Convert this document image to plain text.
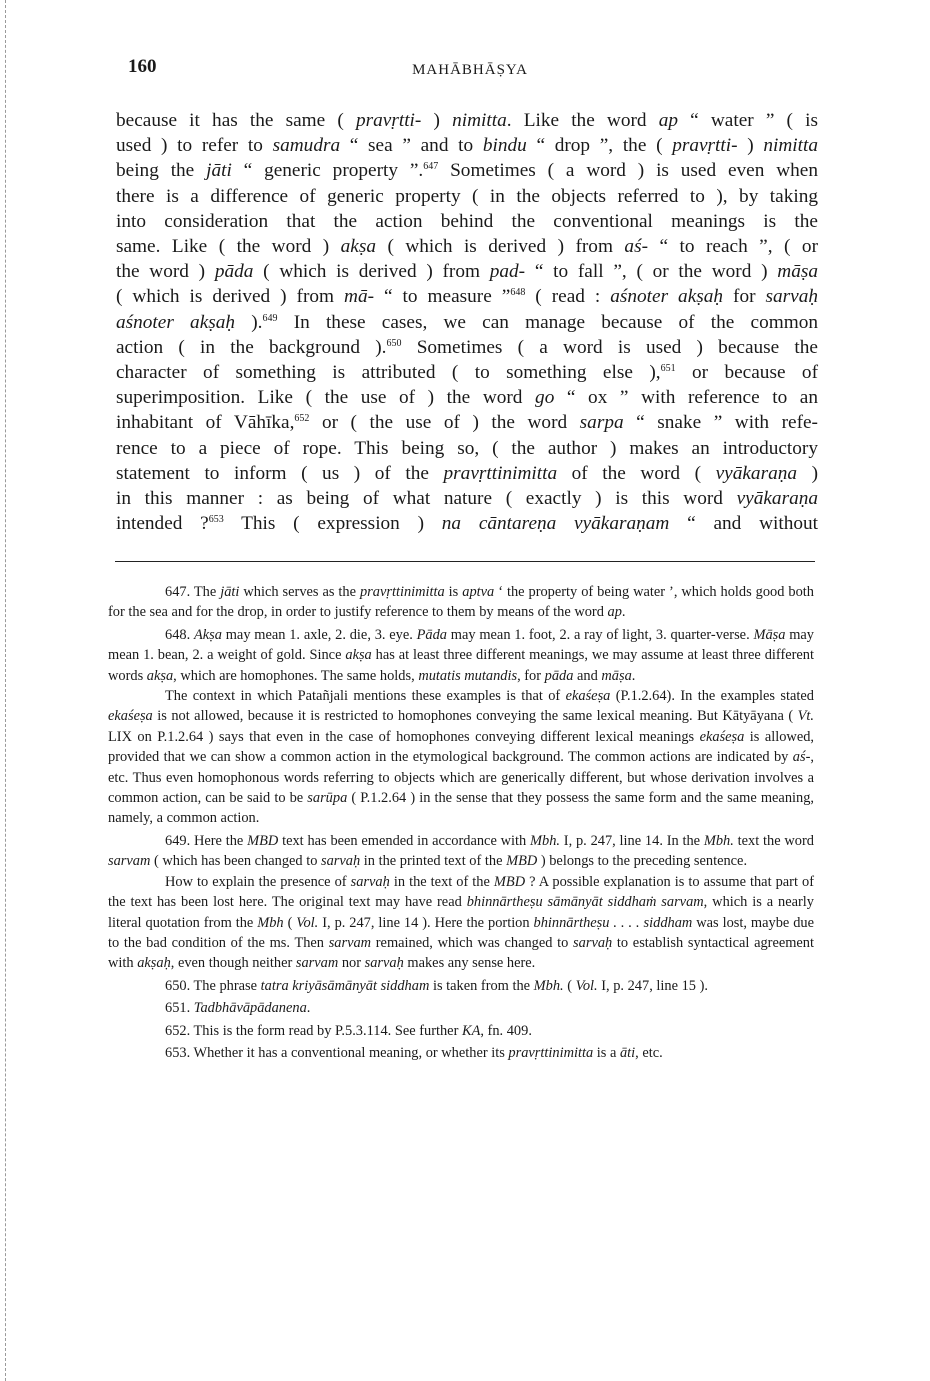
160	MAHĀBHĀṢYA
because it has the same ( pravṛtti- ) nimitta. Like the word ap “ water ” ( is
used ) to refer to samudra “ sea ” and to bindu “ drop ”, the ( pravṛtti- ) nimitta
being the jāti “ generic property ”.$^{647}$ Sometimes ( a word ) is used even when
there is a difference of generic property ( in the objects referred to ), by taking
into consideration that the action behind the conventional meanings is the
same. Like ( the word ) akṣa ( which is derived ) from aś- “ to reach ”, ( or
the word ) pāda ( which is derived ) from pad- “ to fall ”, ( or the word ) māṣa
( which is derived ) from mā- “ to measure ”$^{648}$ ( read : aśnoter akṣaḥ for sarvaḥ
aśnoter akṣaḥ ).$^{649}$ In these cases, we can manage because of the common
action ( in the background ).$^{650}$ Sometimes ( a word is used ) because the
character of something is attributed ( to something else ),$^{651}$ or because of
superimposition. Like ( the use of ) the word go “ ox ” with reference to an
inhabitant of Vāhīka,$^{652}$ or ( the use of ) the word sarpa “ snake ” with refe-
rence to a piece of rope. This being so, ( the author ) makes an introductory
statement to inform ( us ) of the pravṛttinimitta of the word ( vyākaraṇa )
in this manner : as being of what nature ( exactly ) is this word vyākaraṇa
intended ?$^{653}$ This ( expression ) na cāntareṇa vyākaraṇam “ and without

647. The jāti which serves as the pravṛttinimitta is aptva ‘ the property of being water ’, which holds good both for the sea and for the drop, in order to justify reference to them by means of the word ap.

648. Akṣa may mean 1. axle, 2. die, 3. eye. Pāda may mean 1. foot, 2. a ray of light, 3. quarter-verse. Māṣa may mean 1. bean, 2. a weight of gold. Since akṣa has at least three different meanings, we may assume at least three different words akṣa, which are homophones. The same holds, mutatis mutandis, for pāda and māṣa.

The context in which Patañjali mentions these examples is that of ekaśeṣa (P.1.2.64). In the examples stated ekaśeṣa is not allowed, because it is restricted to homophones conveying the same lexical meaning. But Kātyāyana ( Vt. LIX on P.1.2.64 ) says that even in the case of homophones conveying different lexical meanings ekaśeṣa is allowed, provided that we can show a common action in the etymological background. The common actions are indicated by aś-, etc. Thus even homophonous words referring to objects which are generically different, but whose derivation involves a common action, can be said to be sarūpa ( P.1.2.64 ) in the sense that they possess the same form and the same meaning, namely, a common action.

649. Here the MBD text has been emended in accordance with Mbh. I, p. 247, line 14. In the Mbh. text the word sarvam ( which has been changed to sarvaḥ in the printed text of the MBD ) belongs to the preceding sentence.

How to explain the presence of sarvaḥ in the text of the MBD ? A possible explanation is to assume that part of the text has been lost here. The original text may have read bhinnārtheṣu sāmānyāt siddhaṁ sarvam, which is a nearly literal quotation from the Mbh ( Vol. I, p. 247, line 14 ). Here the portion bhinnārtheṣu . . . . siddham was lost, maybe due to the bad condition of the ms. Then sarvam remained, which was changed to sarvaḥ to establish syntactical agreement with akṣaḥ, even though neither sarvam nor sarvaḥ makes any sense here.

650. The phrase tatra kriyāsāmānyāt siddham is taken from the Mbh. ( Vol. I, p. 247, line 15 ).

651. Tadbhāvāpādanena.

652. This is the form read by P.5.3.114. See further KA, fn. 409.

653. Whether it has a conventional meaning, or whether its pravṛttinimitta is a āti, etc.
